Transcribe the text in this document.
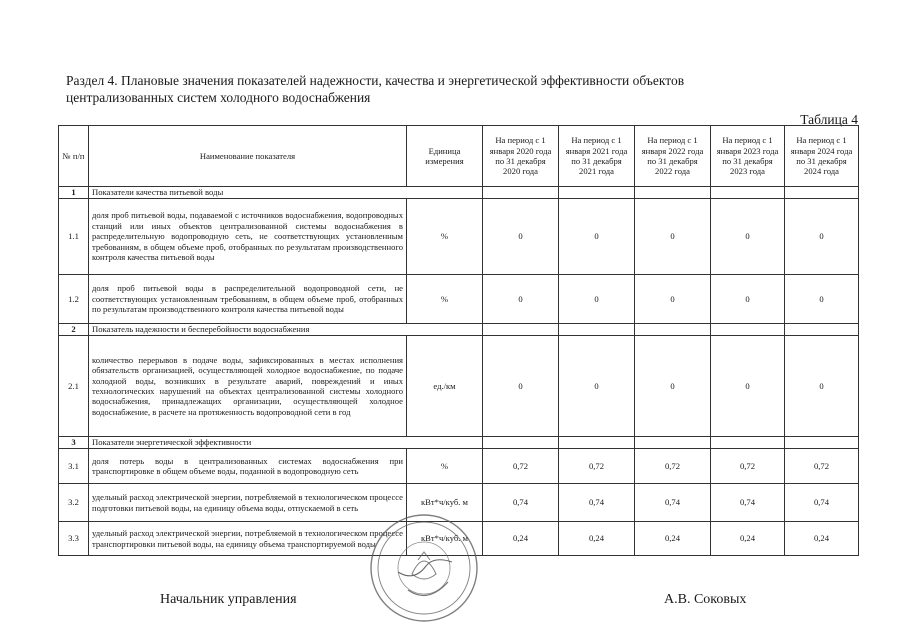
Раздел 4. Плановые значения показателей надежности, качества и энергетической эффективности объектов централизованных систем холодного водоснабжения
Таблица 4
№ п/п	Наименование показателя	Единица измерения	На период с 1 января 2020 года по 31 декабря 2020 года	На период с 1 января 2021 года по 31 декабря 2021 года	На период с 1 января 2022 года по 31 декабря 2022 года	На период с 1 января 2023 года по 31 декабря 2023 года	На период с 1 января 2024 года по 31 декабря 2024 года
1	Показатели качества питьевой воды						
1.1	доля проб питьевой воды, подаваемой с источников водоснабжения, водопроводных станций или иных объектов централизованной системы водоснабжения в распределительную водопроводную сеть, не соответствующих установленным требованиям, в общем объеме проб, отобранных по результатам производственного контроля качества питьевой воды	%	0	0	0	0	0
1.2	доля проб питьевой воды в распределительной водопроводной сети, не соответствующих установленным требованиям, в общем объеме проб, отобранных по результатам производственного контроля качества питьевой воды	%	0	0	0	0	0
2	Показатель надежности и бесперебойности водоснабжения						
2.1	количество перерывов в подаче воды, зафиксированных в местах исполнения обязательств организацией, осуществляющей холодное водоснабжение, по подаче холодной воды, возникших в результате аварий, повреждений и иных технологических нарушений на объектах централизованной системы холодного водоснабжения, принадлежащих организации, осуществляющей холодное водоснабжение, в расчете на протяженность водопроводной сети в год	ед./км	0	0	0	0	0
3	Показатели энергетической эффективности						
3.1	доля потерь воды в централизованных системах водоснабжения при транспортировке в общем объеме воды, поданной в водопроводную сеть	%	0,72	0,72	0,72	0,72	0,72
3.2	удельный расход электрической энергии, потребляемой в технологическом процессе подготовки питьевой воды, на единицу объема воды, отпускаемой в сеть	кВт*ч/куб. м	0,74	0,74	0,74	0,74	0,74
3.3	удельный расход электрической энергии, потребляемой в технологическом процессе транспортировки питьевой воды, на единицу объема транспортируемой воды	кВт*ч/куб. м	0,24	0,24	0,24	0,24	0,24
Начальник управления	А.В. Соковых
